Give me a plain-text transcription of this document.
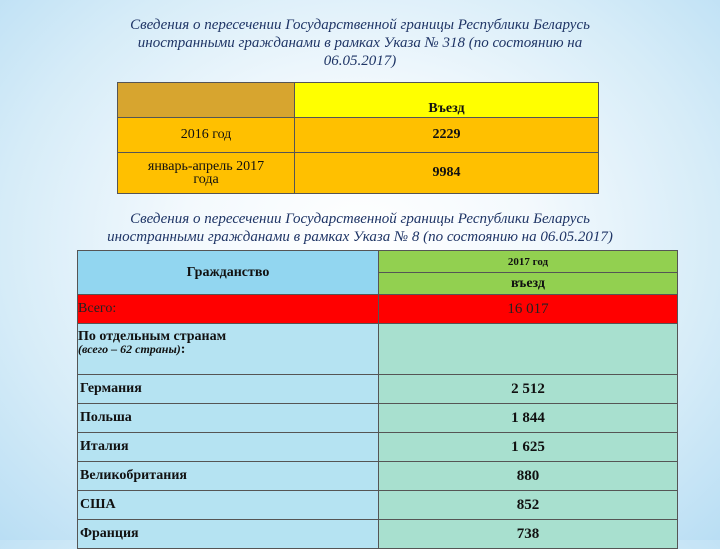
Сведения о пересечении Государственной границы Республики Беларусь
иностранными гражданами в рамках Указа № 318 (по состоянию на
06.05.2017)
	Въезд
2016 год	2229

январь-апрель 2017
года	9984
Сведения о пересечении Государственной границы Республики Беларусь
иностранными гражданами в рамках Указа № 8 (по состоянию на 06.05.2017)
Гражданство	2017 год
	въезд
Всего:	16 017

По отдельным странам
(всего – 62 страны):	

Германия	2 512
Польша	1 844
Италия	1 625
Великобритания	880
США	852
Франция	738
